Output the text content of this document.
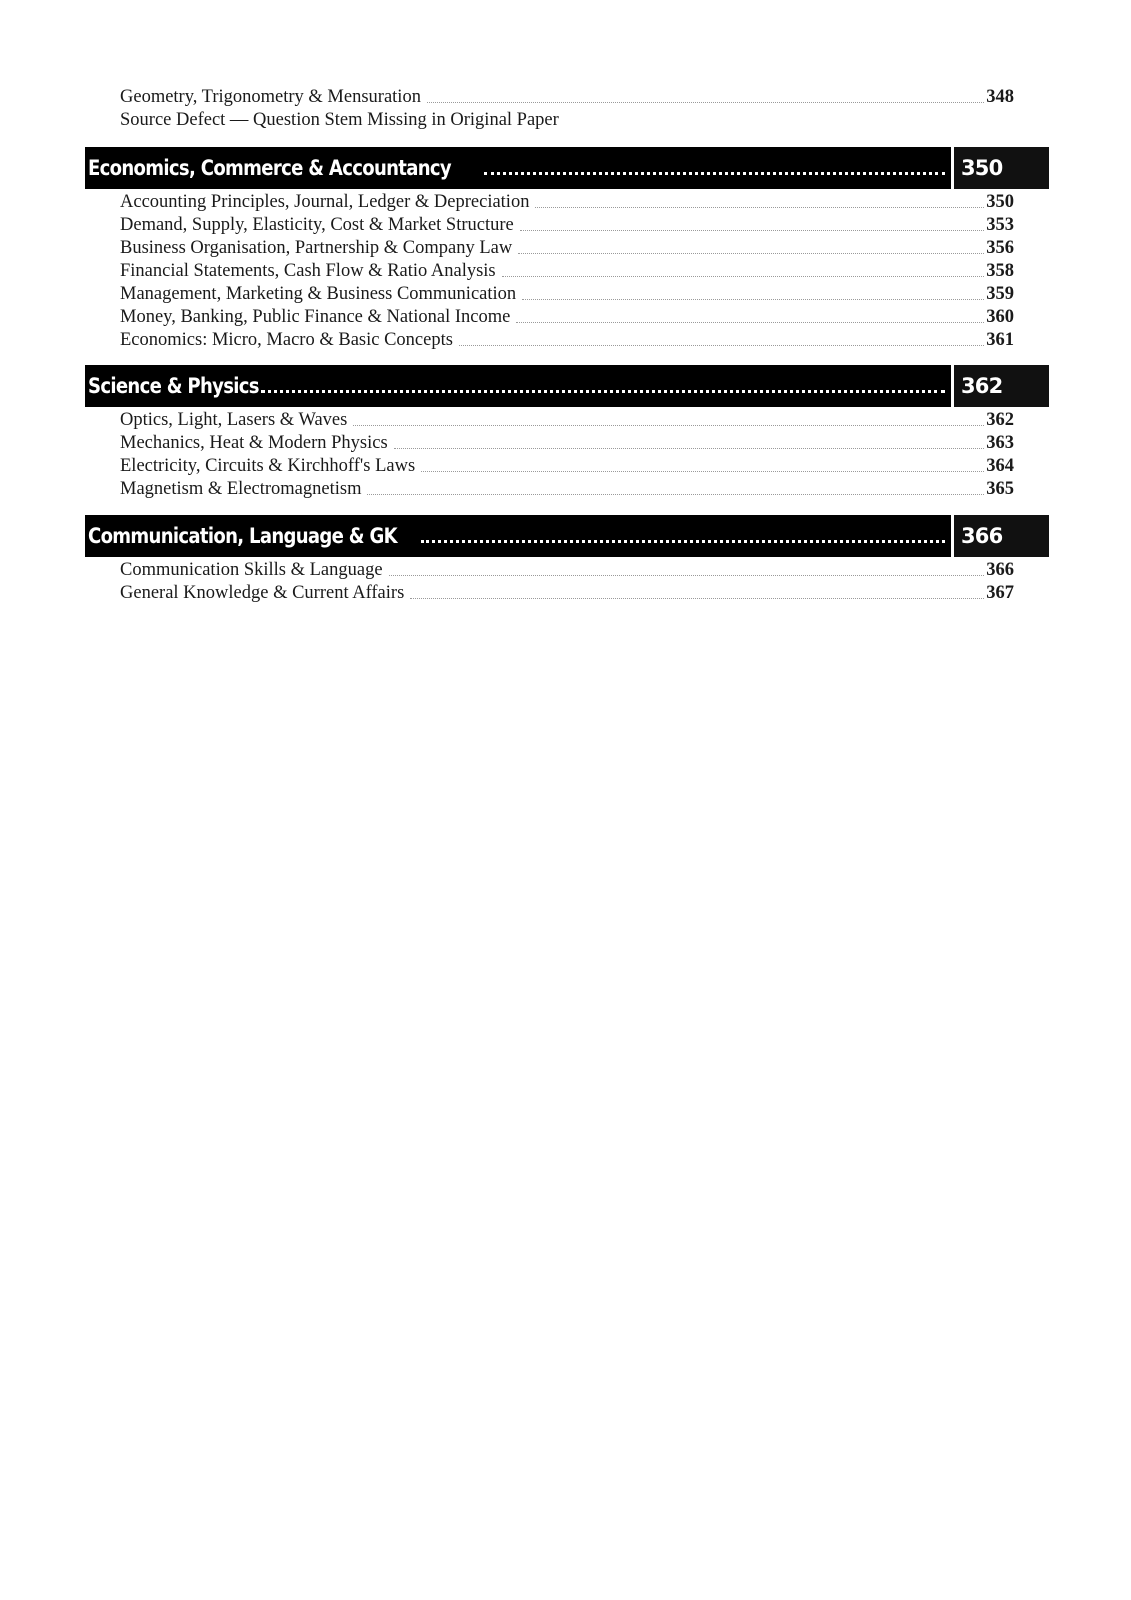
Geometry, Trigonometry & Mensuration	348
Source Defect — Question Stem Missing in Original Paper
Economics, Commerce & Accountancy	350
Accounting Principles, Journal, Ledger & Depreciation	350
Demand, Supply, Elasticity, Cost & Market Structure	353
Business Organisation, Partnership & Company Law	356
Financial Statements, Cash Flow & Ratio Analysis	358
Management, Marketing & Business Communication	359
Money, Banking, Public Finance & National Income	360
Economics: Micro, Macro & Basic Concepts	361
Science & Physics	362
Optics, Light, Lasers & Waves	362
Mechanics, Heat & Modern Physics	363
Electricity, Circuits & Kirchhoff's Laws	364
Magnetism & Electromagnetism	365
Communication, Language & GK	366
Communication Skills & Language	366
General Knowledge & Current Affairs	367
